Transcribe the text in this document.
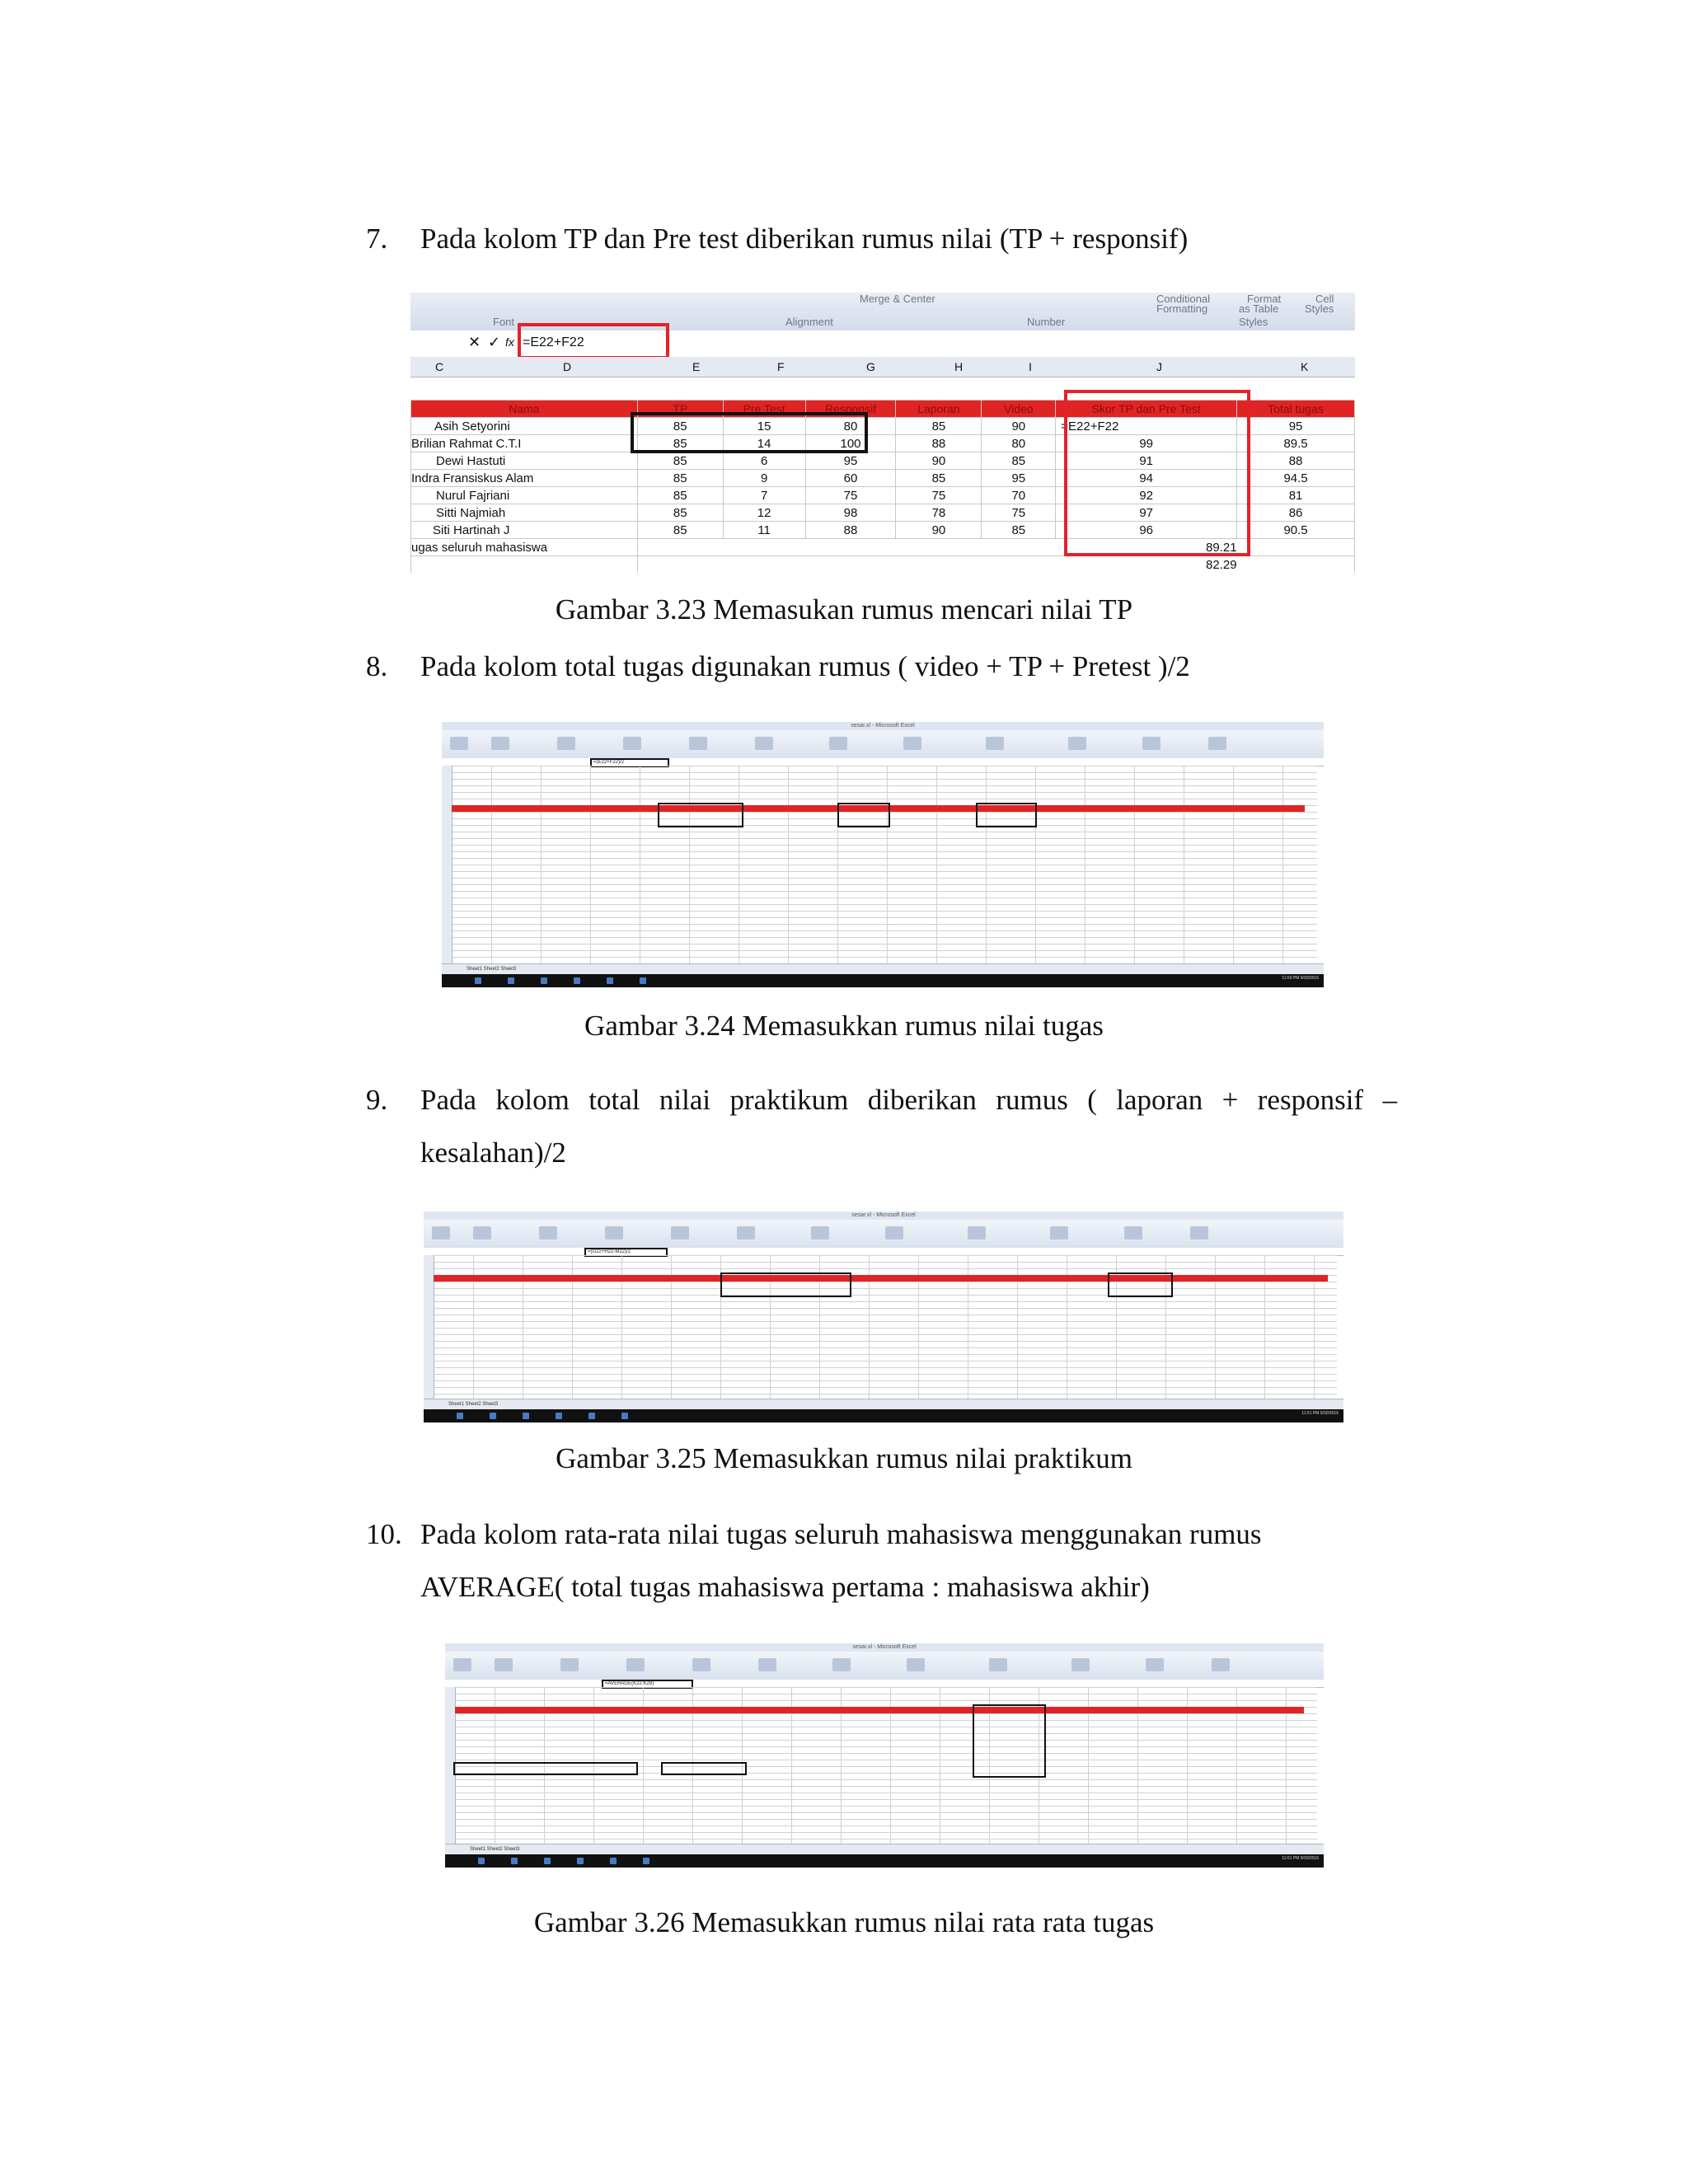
7. Pada kolom TP dan Pre test diberikan rumus nilai (TP + responsif)
Merge & Center	Conditional
Formatting
Format
as Table
Cell
Styles
Font	Alignment	Number	Styles
✕ ✓ fx =E22+F22
C	D	E	F	G	H	I	J	K
Nama	TP	Pre Test	Responsif	Laporan	Video	Skor TP dan Pre Test	Total tugas
Asih Setyorini	85	15	80	85	90	=E22+F22	95
Brilian Rahmat C.T.I	85	14	100	88	80	99	89.5
Dewi Hastuti	85	6	95	90	85	91	88
Indra Fransiskus Alam	85	9	60	85	95	94	94.5
Nurul Fajriani	85	7	75	75	70	92	81
Sitti Najmiah	85	12	98	78	75	97	86
Siti Hartinah J	85	11	88	90	85	96	90.5
ugas seluruh mahasiswa	89.21						
	82.29						
Gambar 3.23 Memasukan rumus mencari nilai TP
8. Pada kolom total tugas digunakan rumus ( video + TP + Pretest )/2
sesar.xl - Microsoft Excel
=(E22+F22)/2
Sheet1 Sheet2 Sheet3
11:50 PM 9/30/2016
Gambar 3.24 Memasukkan rumus nilai tugas
9. Pada kolom total nilai praktikum diberikan rumus ( laporan + responsif –
kesalahan)/2
sesar.xl - Microsoft Excel
=(G22+H22-M22)/2
Sheet1 Sheet2 Sheet3
11:51 PM 9/30/2016
Gambar 3.25 Memasukkan rumus nilai praktikum
10. Pada kolom rata-rata nilai tugas seluruh mahasiswa menggunakan rumus
AVERAGE( total tugas mahasiswa pertama : mahasiswa akhir)
sesar.xl - Microsoft Excel
=AVERAGE(K22:K28)
Sheet1 Sheet2 Sheet3
11:51 PM 9/30/2016
Gambar 3.26 Memasukkan rumus nilai rata rata tugas
